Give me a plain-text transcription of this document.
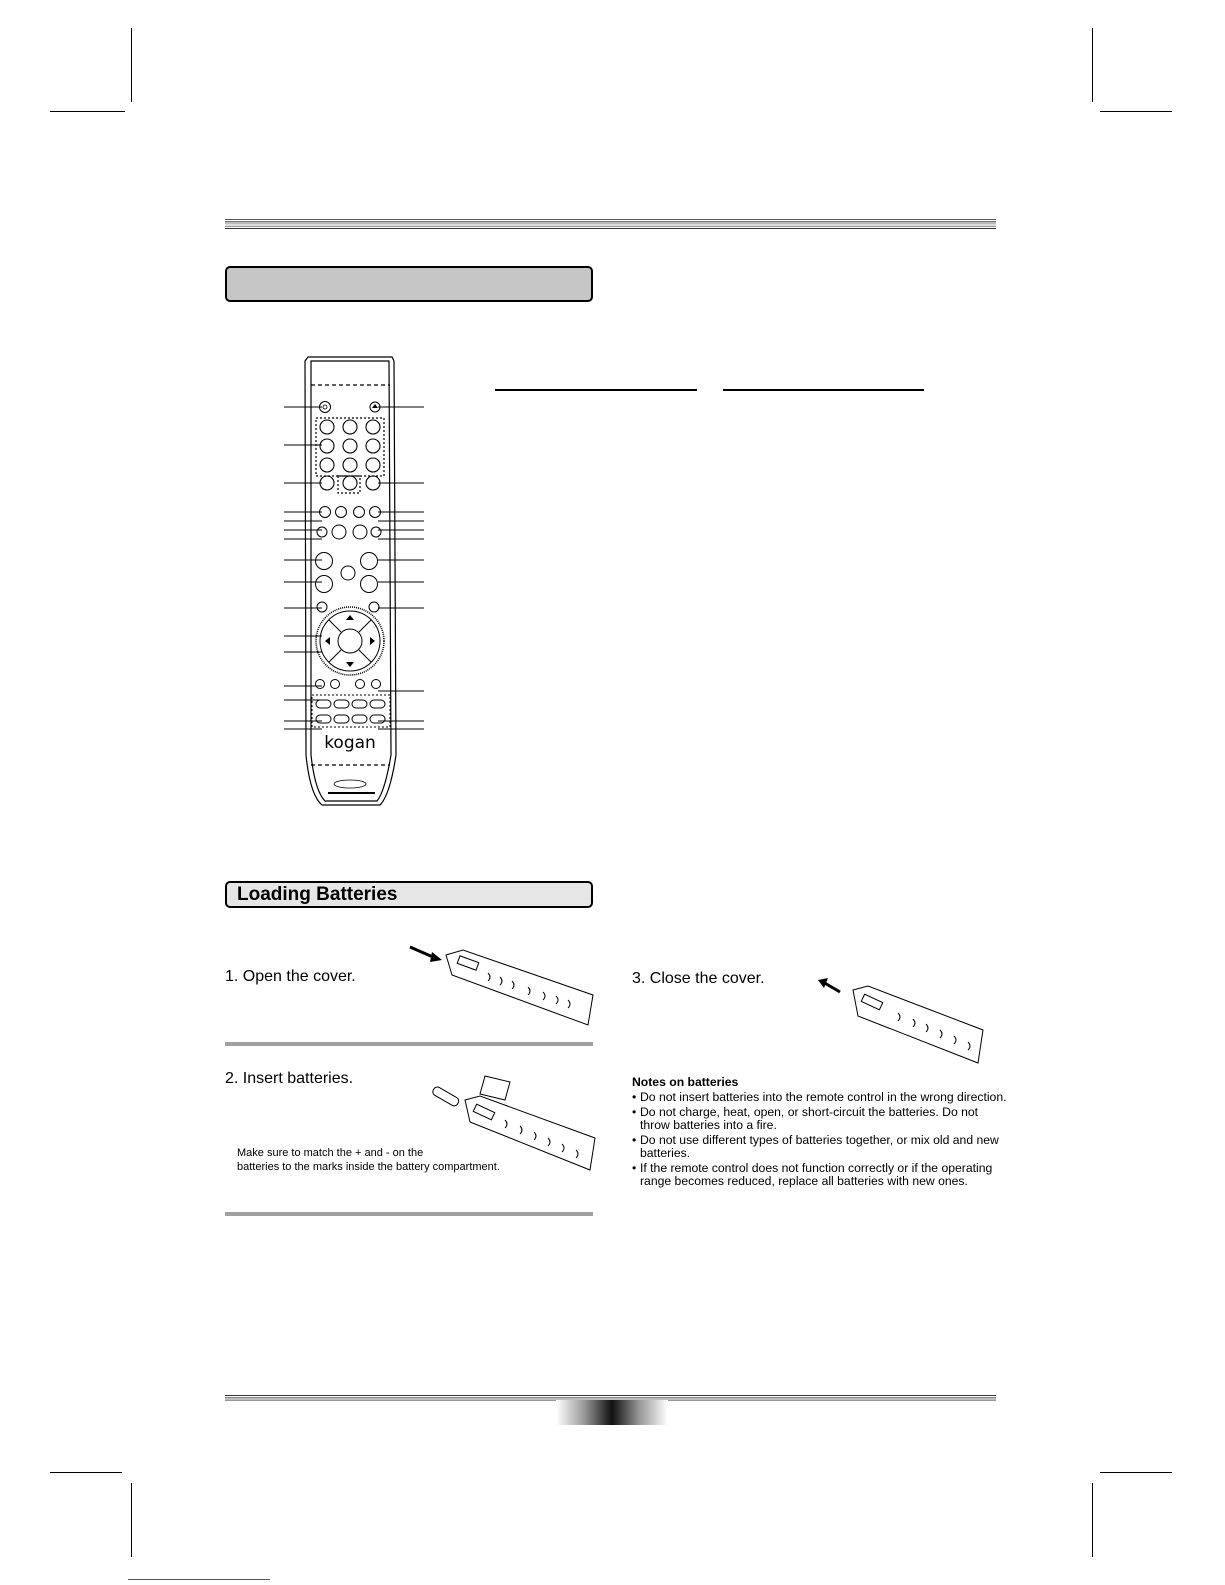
kogan
Loading Batteries
1. Open the cover.
2. Insert batteries.
Make sure to match the + and - on the
batteries to the marks inside the battery compartment.
3. Close the cover.
Notes on batteries
• Do not insert batteries into the remote control in the wrong direction.
• Do not charge, heat, open, or short-circuit the batteries. Do not
throw batteries into a fire.
• Do not use different types of batteries together, or mix old and new
batteries.
• If the remote control does not function correctly or if the operating
range becomes reduced, replace all batteries with new ones.
